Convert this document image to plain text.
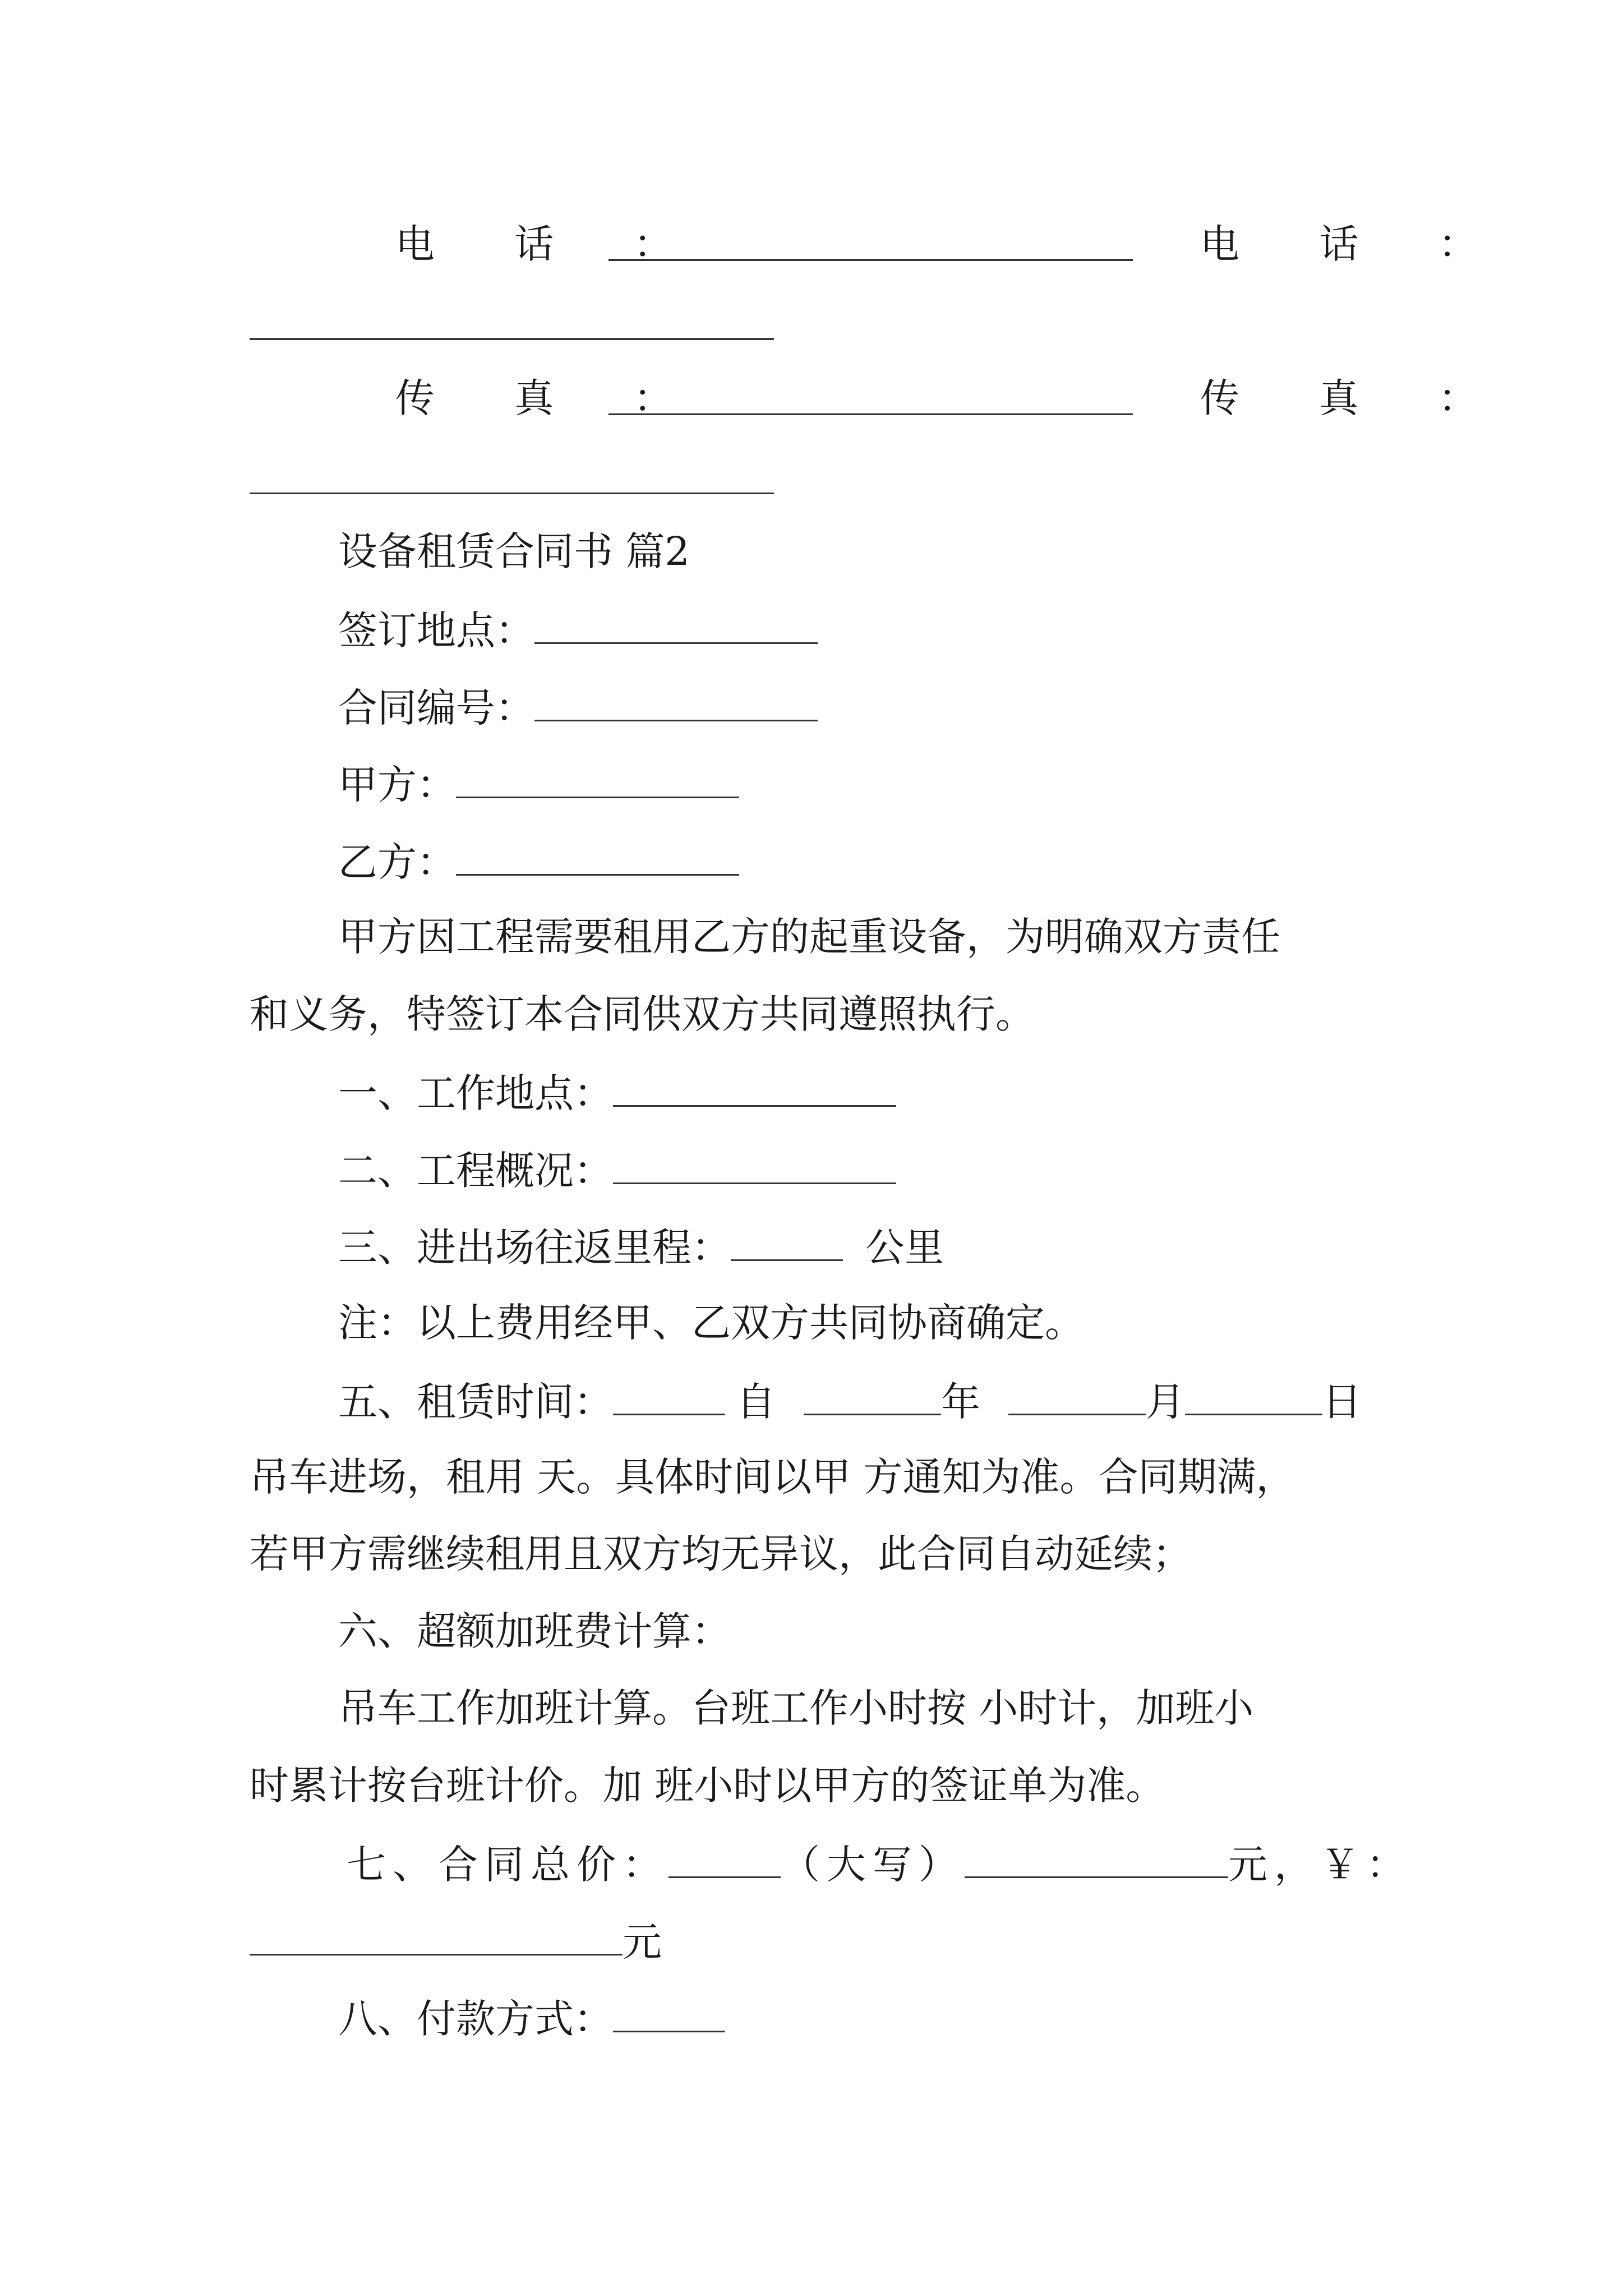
电 话 ：	电 话 ：
传 真 ：	传 真 ：
设备租赁合同书 篇2
签订地点：
合同编号：
甲方：
乙方：
甲方因工程需要租用乙方的起重设备，为明确双方责任
和义务，特签订本合同供双方共同遵照执行。
一、工作地点：
二、工程概况：
三、进出场往返里程：	公里
注：以上费用经甲、乙双方共同协商确定。
五、租赁时间：	自	年	月	日
吊车进场，租用 天。具体时间以甲 方通知为准。合同期满，
若甲方需继续租用且双方均无异议，此合同自动延续；
六、超额加班费计算：
吊车工作加班计算。台班工作小时按 小时计，加班小
时累计按台班计价。加 班小时以甲方的签证单为准。
七、合同总价：	（大写）	元，￥：
元
八、付款方式：
